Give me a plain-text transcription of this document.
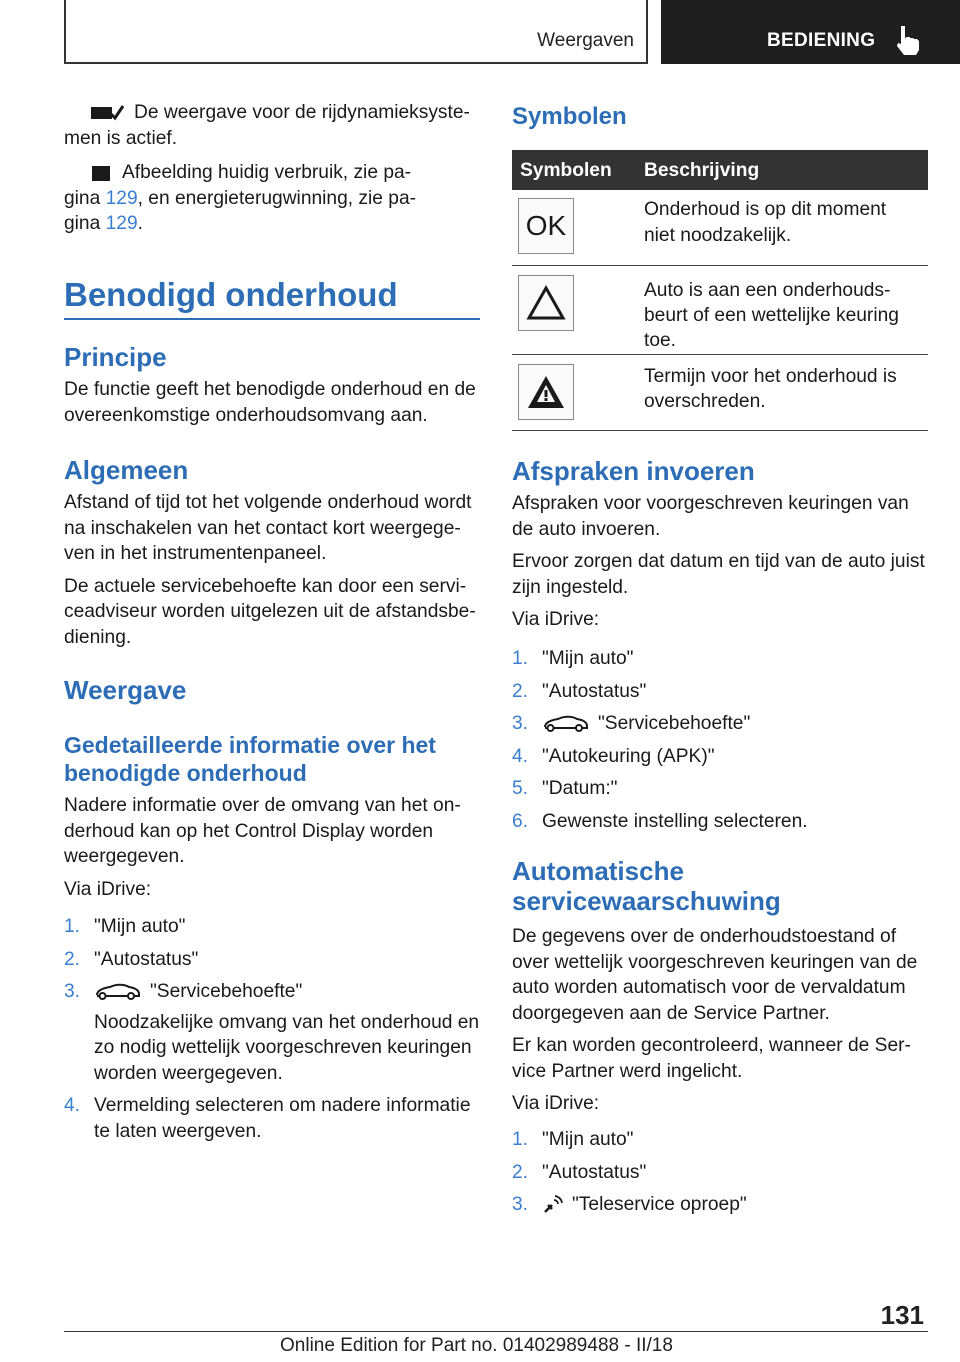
Weergaven	BEDIENING

De weergave voor de rijdynamieksyste-

men is actief.

Afbeelding huidig verbruik, zie pa-

gina 129, en energieterugwinning, zie pa-

gina 129.

Benodigd onderhoud
Principe

De functie geeft het benodigde onderhoud en de

overeenkomstige onderhoudsomvang aan.

Algemeen

Afstand of tijd tot het volgende onderhoud wordt

na inschakelen van het contact kort weergege-

ven in het instrumentenpaneel.

De actuele servicebehoefte kan door een servi-

ceadviseur worden uitgelezen uit de afstandsbe-

diening.

Weergave
Gedetailleerde informatie over het
benodigde onderhoud

Nadere informatie over de omvang van het on-

derhoud kan op het Control Display worden

weergegeven.

Via iDrive:

1. "Mijn auto"
2. "Autostatus"
3.	"Servicebehoefte"
Noodzakelijke omvang van het onderhoud en
zo nodig wettelijk voorgeschreven keuringen
worden weergegeven.
4. Vermelding selecteren om nadere informatie
te laten weergeven.
Symbolen
Symbolen Beschrijving
OK

Onderhoud is op dit moment

niet noodzakelijk.

Auto is aan een onderhouds-

beurt of een wettelijke keuring

toe.

Termijn voor het onderhoud is

overschreden.

Afspraken invoeren

Afspraken voor voorgeschreven keuringen van

de auto invoeren.

Ervoor zorgen dat datum en tijd van de auto juist

zijn ingesteld.

Via iDrive:

1. "Mijn auto"
2. "Autostatus"
3.	"Servicebehoefte"
4. "Autokeuring (APK)"
5. "Datum:"
6. Gewenste instelling selecteren.
Automatische
servicewaarschuwing

De gegevens over de onderhoudstoestand of

over wettelijk voorgeschreven keuringen van de

auto worden automatisch voor de vervaldatum

doorgegeven aan de Service Partner.

Er kan worden gecontroleerd, wanneer de Ser-

vice Partner werd ingelicht.

Via iDrive:

1. "Mijn auto"
2. "Autostatus"
3. "Teleservice oproep"
131
Online Edition for Part no. 01402989488 - II/18
